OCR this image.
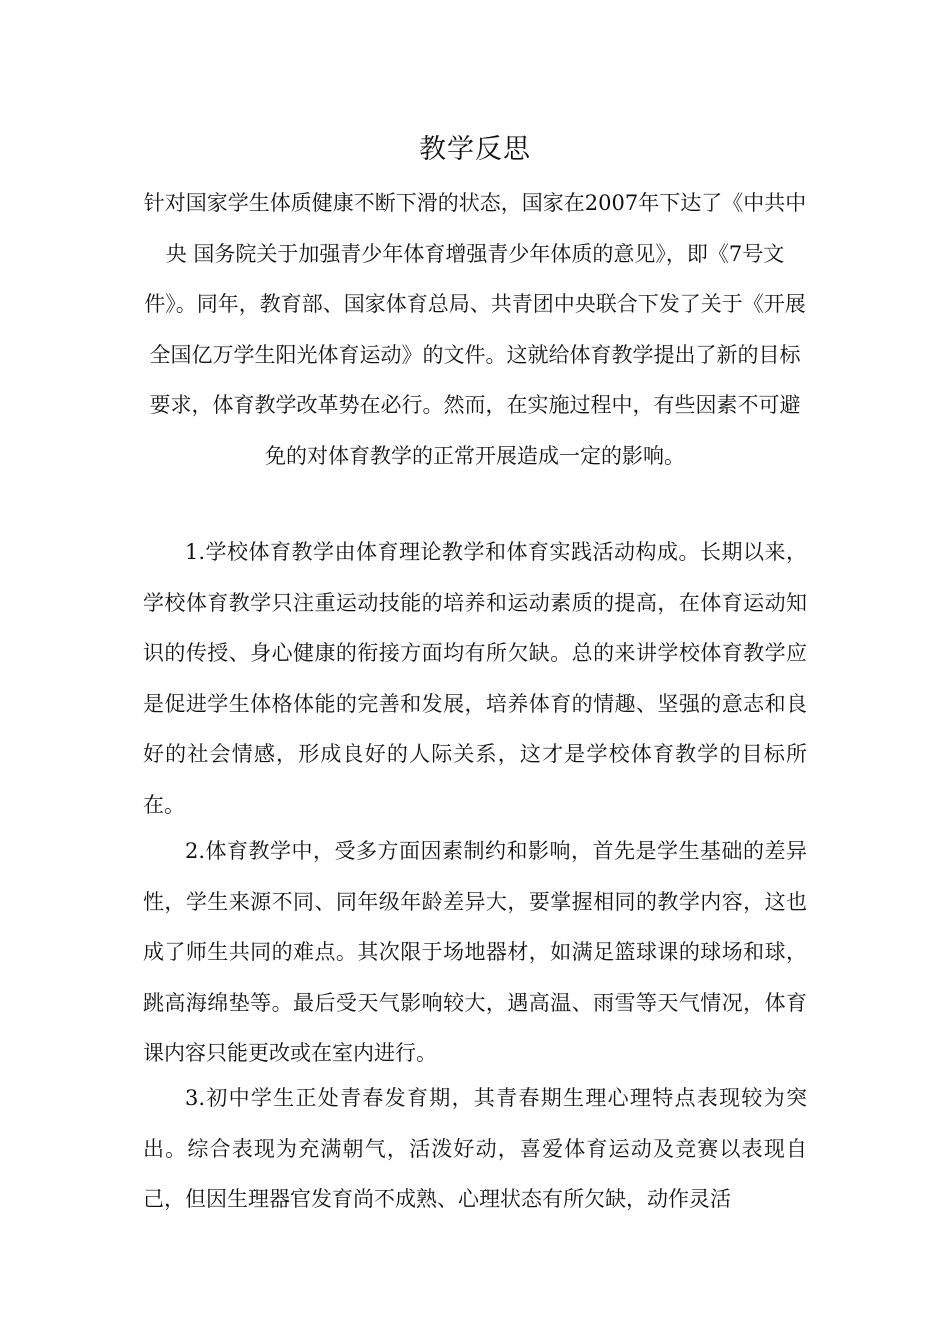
教学反思

针对国家学生体质健康不断下滑的状态，国家在2007年下达了《中共中央 国务院关于加强青少年体育增强青少年体质的意见》，即《7号文件》。同年，教育部、国家体育总局、共青团中央联合下发了关于《开展全国亿万学生阳光体育运动》的文件。这就给体育教学提出了新的目标要求，体育教学改革势在必行。然而，在实施过程中，有些因素不可避免的对体育教学的正常开展造成一定的影响。

1.学校体育教学由体育理论教学和体育实践活动构成。长期以来，学校体育教学只注重运动技能的培养和运动素质的提高，在体育运动知识的传授、身心健康的衔接方面均有所欠缺。总的来讲学校体育教学应是促进学生体格体能的完善和发展，培养体育的情趣、坚强的意志和良好的社会情感，形成良好的人际关系，这才是学校体育教学的目标所在。

2.体育教学中，受多方面因素制约和影响，首先是学生基础的差异性，学生来源不同、同年级年龄差异大，要掌握相同的教学内容，这也成了师生共同的难点。其次限于场地器材，如满足篮球课的球场和球，跳高海绵垫等。最后受天气影响较大，遇高温、雨雪等天气情况，体育课内容只能更改或在室内进行。

3.初中学生正处青春发育期，其青春期生理心理特点表现较为突出。综合表现为充满朝气，活泼好动，喜爱体育运动及竞赛以表现自己，但因生理器官发育尚不成熟、心理状态有所欠缺，动作灵活
